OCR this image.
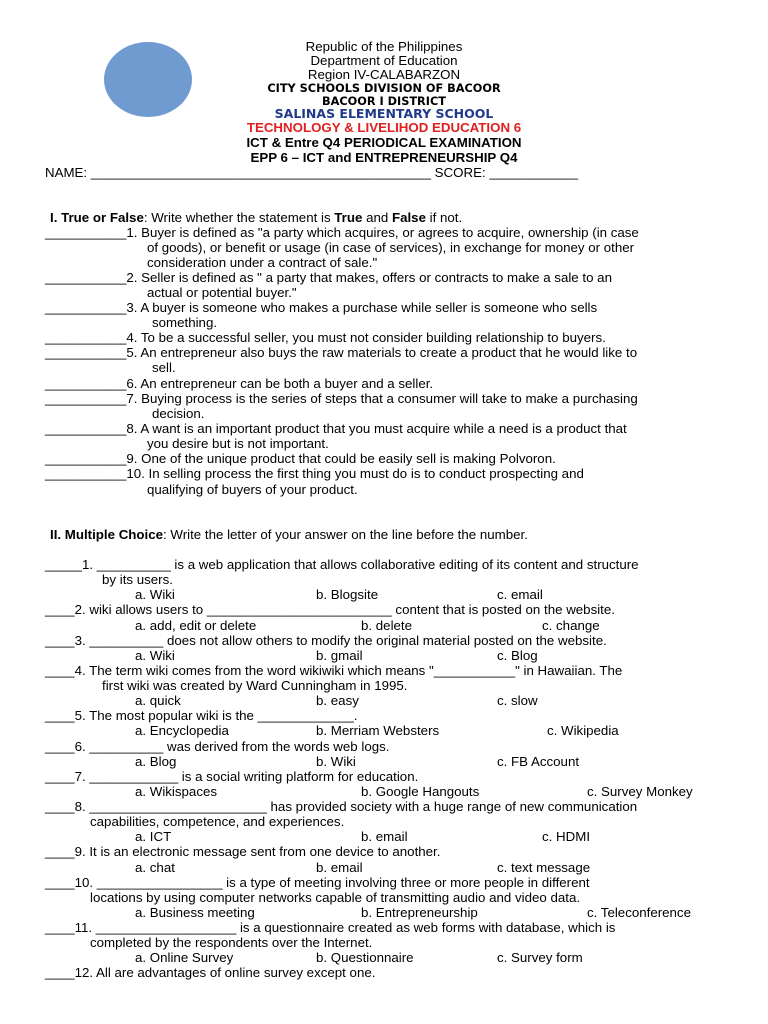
Republic of the Philippines
Department of Education
Region IV-CALABARZON
CITY SCHOOLS DIVISION OF BACOOR
BACOOR I DISTRICT
SALINAS ELEMENTARY SCHOOL
TECHNOLOGY & LIVELIHOD EDUCATION 6
ICT & Entre Q4 PERIODICAL EXAMINATION
EPP 6 – ICT and ENTREPRENEURSHIP Q4
NAME: ______________________________________________ SCORE: ____________
I. True or False: Write whether the statement is True and False if not.
___________1. Buyer is defined as "a party which acquires, or agrees to acquire, ownership (in case
of goods), or benefit or usage (in case of services), in exchange for money or other
consideration under a contract of sale."
___________2. Seller is defined as " a party that makes, offers or contracts to make a sale to an
actual or potential buyer."
___________3. A buyer is someone who makes a purchase while seller is someone who sells
something.
___________4. To be a successful seller, you must not consider building relationship to buyers.
___________5. An entrepreneur also buys the raw materials to create a product that he would like to
sell.
___________6. An entrepreneur can be both a buyer and a seller.
___________7. Buying process is the series of steps that a consumer will take to make a purchasing
decision.
___________8. A want is an important product that you must acquire while a need is a product that
you desire but is not important.
___________9. One of the unique product that could be easily sell is making Polvoron.
___________10. In selling process the first thing you must do is to conduct prospecting and
qualifying of buyers of your product.
II. Multiple Choice: Write the letter of your answer on the line before the number.
_____1. __________ is a web application that allows collaborative editing of its content and structure
by its users.
a. Wiki	b. Blogsite	c. email
____2. wiki allows users to _________________________ content that is posted on the website.
a. add, edit or delete	b. delete	c. change
____3. __________ does not allow others to modify the original material posted on the website.
a. Wiki	b. gmail	c. Blog
____4. The term wiki comes from the word wikiwiki which means "___________" in Hawaiian. The
first wiki was created by Ward Cunningham in 1995.
a. quick	b. easy	c. slow
____5. The most popular wiki is the _____________.
a. Encyclopedia	b. Merriam Websters	c. Wikipedia
____6. __________ was derived from the words web logs.
a. Blog	b. Wiki	c. FB Account
____7. ____________ is a social writing platform for education.
a. Wikispaces	b. Google Hangouts	c. Survey Monkey
____8. ________________________ has provided society with a huge range of new communication
capabilities, competence, and experiences.
a. ICT	b. email	c. HDMI
____9. It is an electronic message sent from one device to another.
a. chat	b. email	c. text message
____10. _________________ is a type of meeting involving three or more people in different
locations by using computer networks capable of transmitting audio and video data.
a. Business meeting	b. Entrepreneurship	c. Teleconference
____11. ___________________ is a questionnaire created as web forms with database, which is
completed by the respondents over the Internet.
a. Online Survey	b. Questionnaire	c. Survey form
____12. All are advantages of online survey except one.
